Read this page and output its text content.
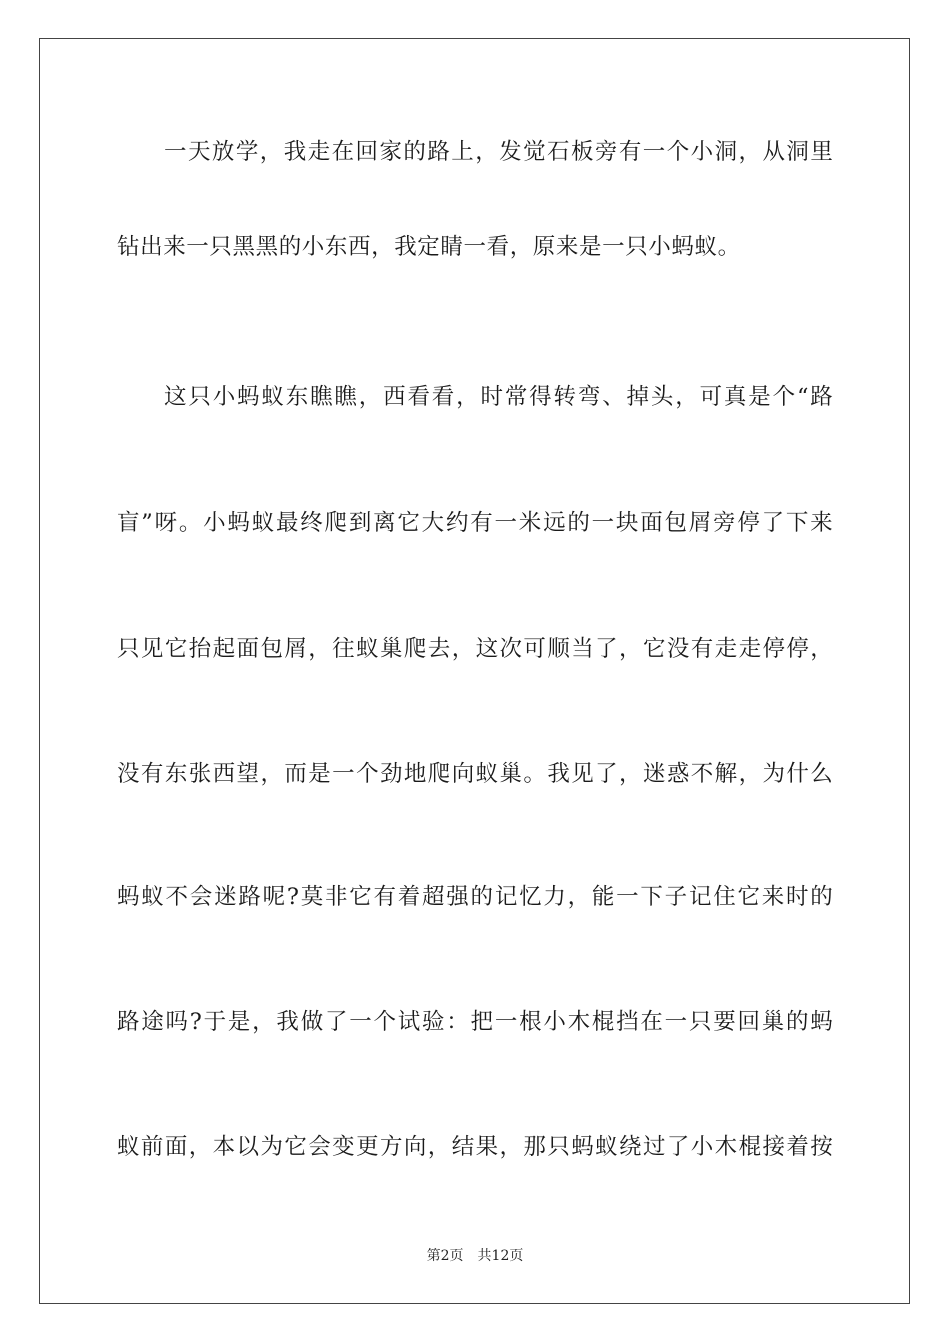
一 天 放 学 ， 我 走 在 回 家 的 路 上 ， 发 觉 石 板 旁 有 一 个 小 洞 ， 从 洞 里
钻出来一只黑黑的小东西，我定睛一看，原来是一只小蚂蚁。
这 只 小 蚂 蚁 东 瞧 瞧 ， 西 看 看 ， 时 常 得 转 弯 、 掉 头 ， 可 真 是 个 “ 路
盲 ” 呀 。 小 蚂 蚁 最 终 爬 到 离 它 大 约 有 一 米 远 的 一 块 面 包 屑 旁 停 了 下 来
只 见 它 抬 起 面 包 屑 ， 往 蚁 巢 爬 去 ， 这 次 可 顺 当 了 ， 它 没 有 走 走 停 停 ，
没 有 东 张 西 望 ， 而 是 一 个 劲 地 爬 向 蚁 巢 。 我 见 了 ， 迷 惑 不 解 ， 为 什 么
蚂 蚁 不 会 迷 路 呢 ? 莫 非 它 有 着 超 强 的 记 忆 力 ， 能 一 下 子 记 住 它 来 时 的
路 途 吗 ? 于 是 ， 我 做 了 一 个 试 验 ： 把 一 根 小 木 棍 挡 在 一 只 要 回 巢 的 蚂
蚁 前 面 ， 本 以 为 它 会 变 更 方 向 ， 结 果 ， 那 只 蚂 蚁 绕 过 了 小 木 棍 接 着 按
第2页 共12页
